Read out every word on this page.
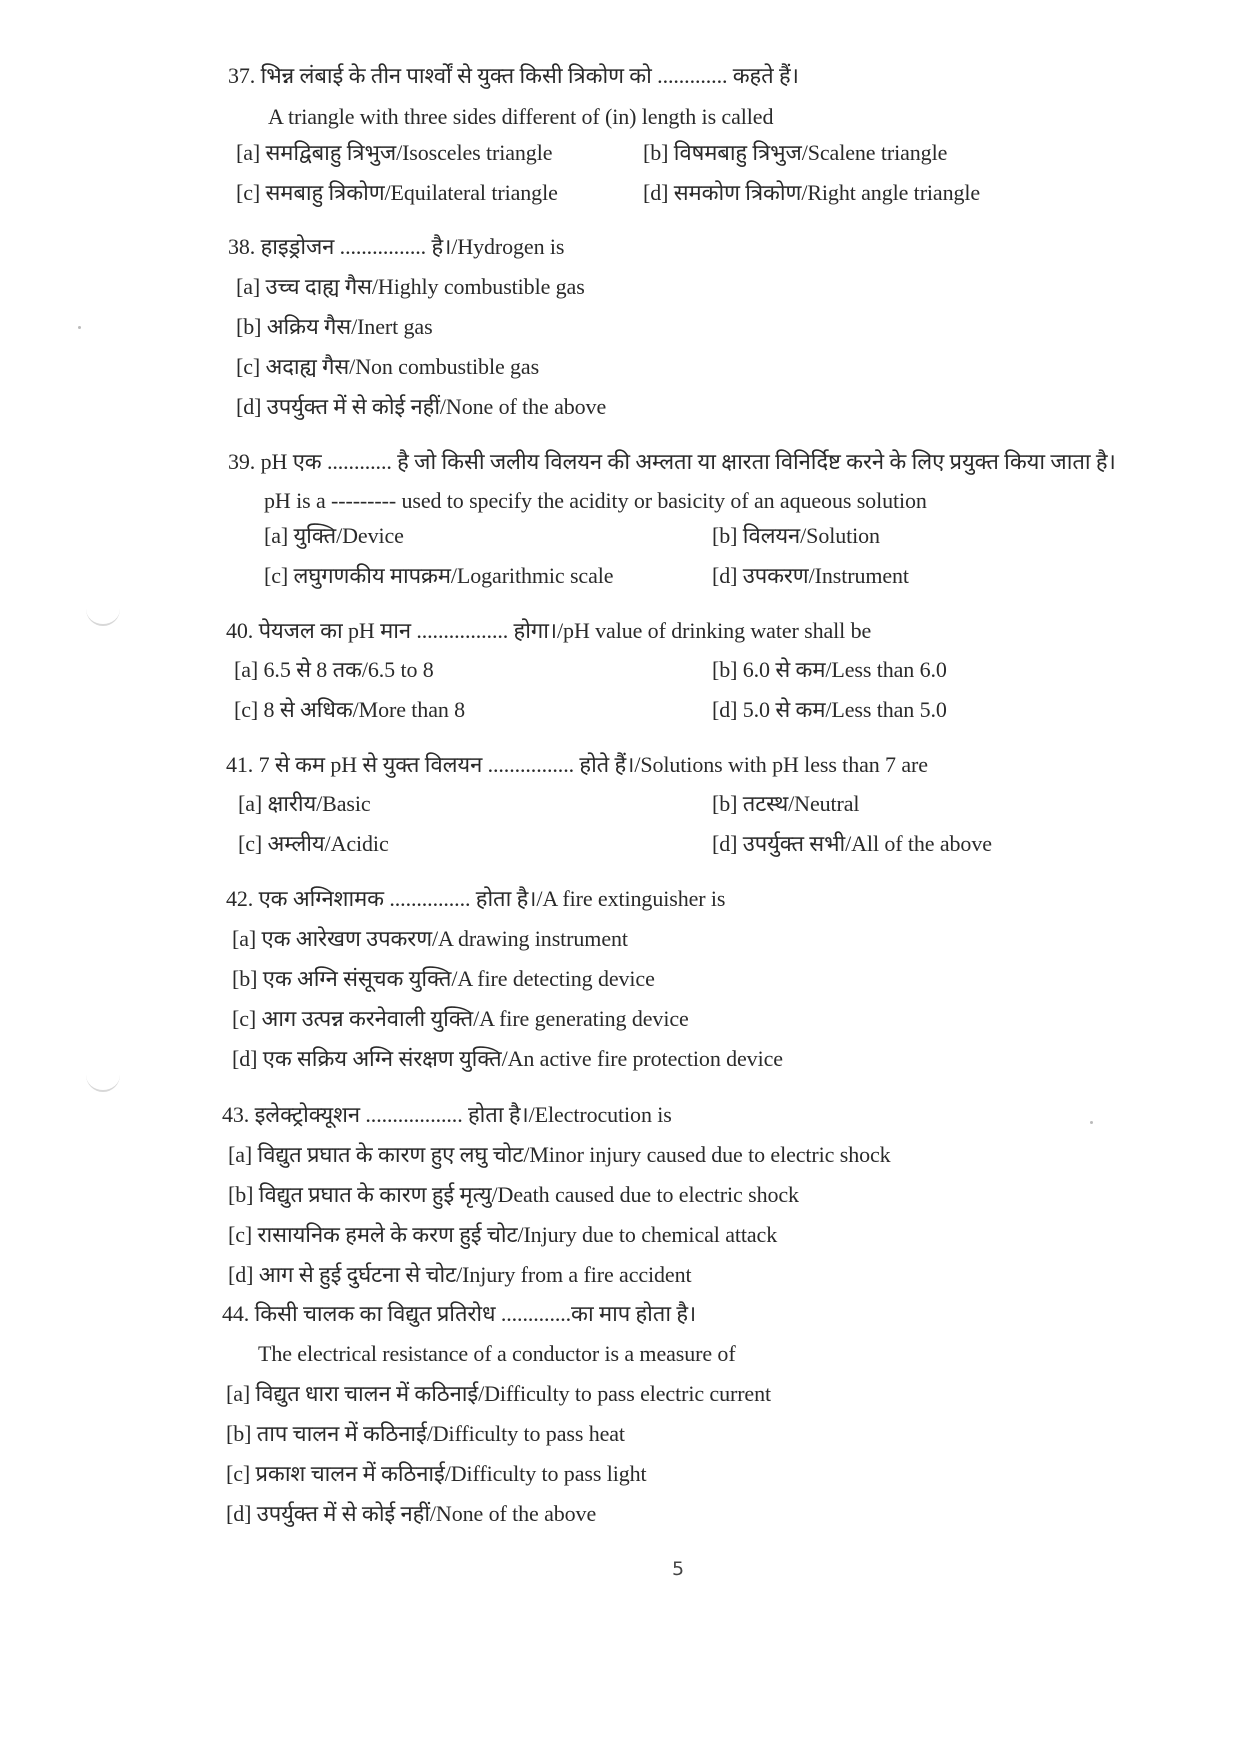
37. भिन्न लंबाई के तीन पार्श्वों से युक्त किसी त्रिकोण को ............. कहते हैं।
A triangle with three sides different of (in) length is called
[a] समद्विबाहु त्रिभुज/Isosceles triangle	[b] विषमबाहु त्रिभुज/Scalene triangle
[c] समबाहु त्रिकोण/Equilateral triangle	[d] समकोण त्रिकोण/Right angle triangle
38. हाइड्रोजन ................ है।/Hydrogen is
[a] उच्च दाह्य गैस/Highly combustible gas
[b] अक्रिय गैस/Inert gas
[c] अदाह्य गैस/Non combustible gas
[d] उपर्युक्त में से कोई नहीं/None of the above
39. pH एक ............ है जो किसी जलीय विलयन की अम्लता या क्षारता विनिर्दिष्ट करने के लिए प्रयुक्त किया जाता है।
pH is a --------- used to specify the acidity or basicity of an aqueous solution
[a] युक्ति/Device	[b] विलयन/Solution
[c] लघुगणकीय मापक्रम/Logarithmic scale	[d] उपकरण/Instrument
40. पेयजल का pH मान ................. होगा।/pH value of drinking water shall be
[a] 6.5 से 8 तक/6.5 to 8	[b] 6.0 से कम/Less than 6.0
[c] 8 से अधिक/More than 8	[d] 5.0 से कम/Less than 5.0
41. 7 से कम pH से युक्त विलयन ................ होते हैं।/Solutions with pH less than 7 are
[a] क्षारीय/Basic	[b] तटस्थ/Neutral
[c] अम्लीय/Acidic	[d] उपर्युक्त सभी/All of the above
42. एक अग्निशामक ............... होता है।/A fire extinguisher is
[a] एक आरेखण उपकरण/A drawing instrument
[b] एक अग्नि संसूचक युक्ति/A fire detecting device
[c] आग उत्पन्न करनेवाली युक्ति/A fire generating device
[d] एक सक्रिय अग्नि संरक्षण युक्ति/An active fire protection device
43. इलेक्ट्रोक्यूशन .................. होता है।/Electrocution is
[a] विद्युत प्रघात के कारण हुए लघु चोट/Minor injury caused due to electric shock
[b] विद्युत प्रघात के कारण हुई मृत्यु/Death caused due to electric shock
[c] रासायनिक हमले के करण हुई चोट/Injury due to chemical attack
[d] आग से हुई दुर्घटना से चोट/Injury from a fire accident
44. किसी चालक का विद्युत प्रतिरोध .............का माप होता है।
The electrical resistance of a conductor is a measure of
[a] विद्युत धारा चालन में कठिनाई/Difficulty to pass electric current
[b] ताप चालन में कठिनाई/Difficulty to pass heat
[c] प्रकाश चालन में कठिनाई/Difficulty to pass light
[d] उपर्युक्त में से कोई नहीं/None of the above
5
